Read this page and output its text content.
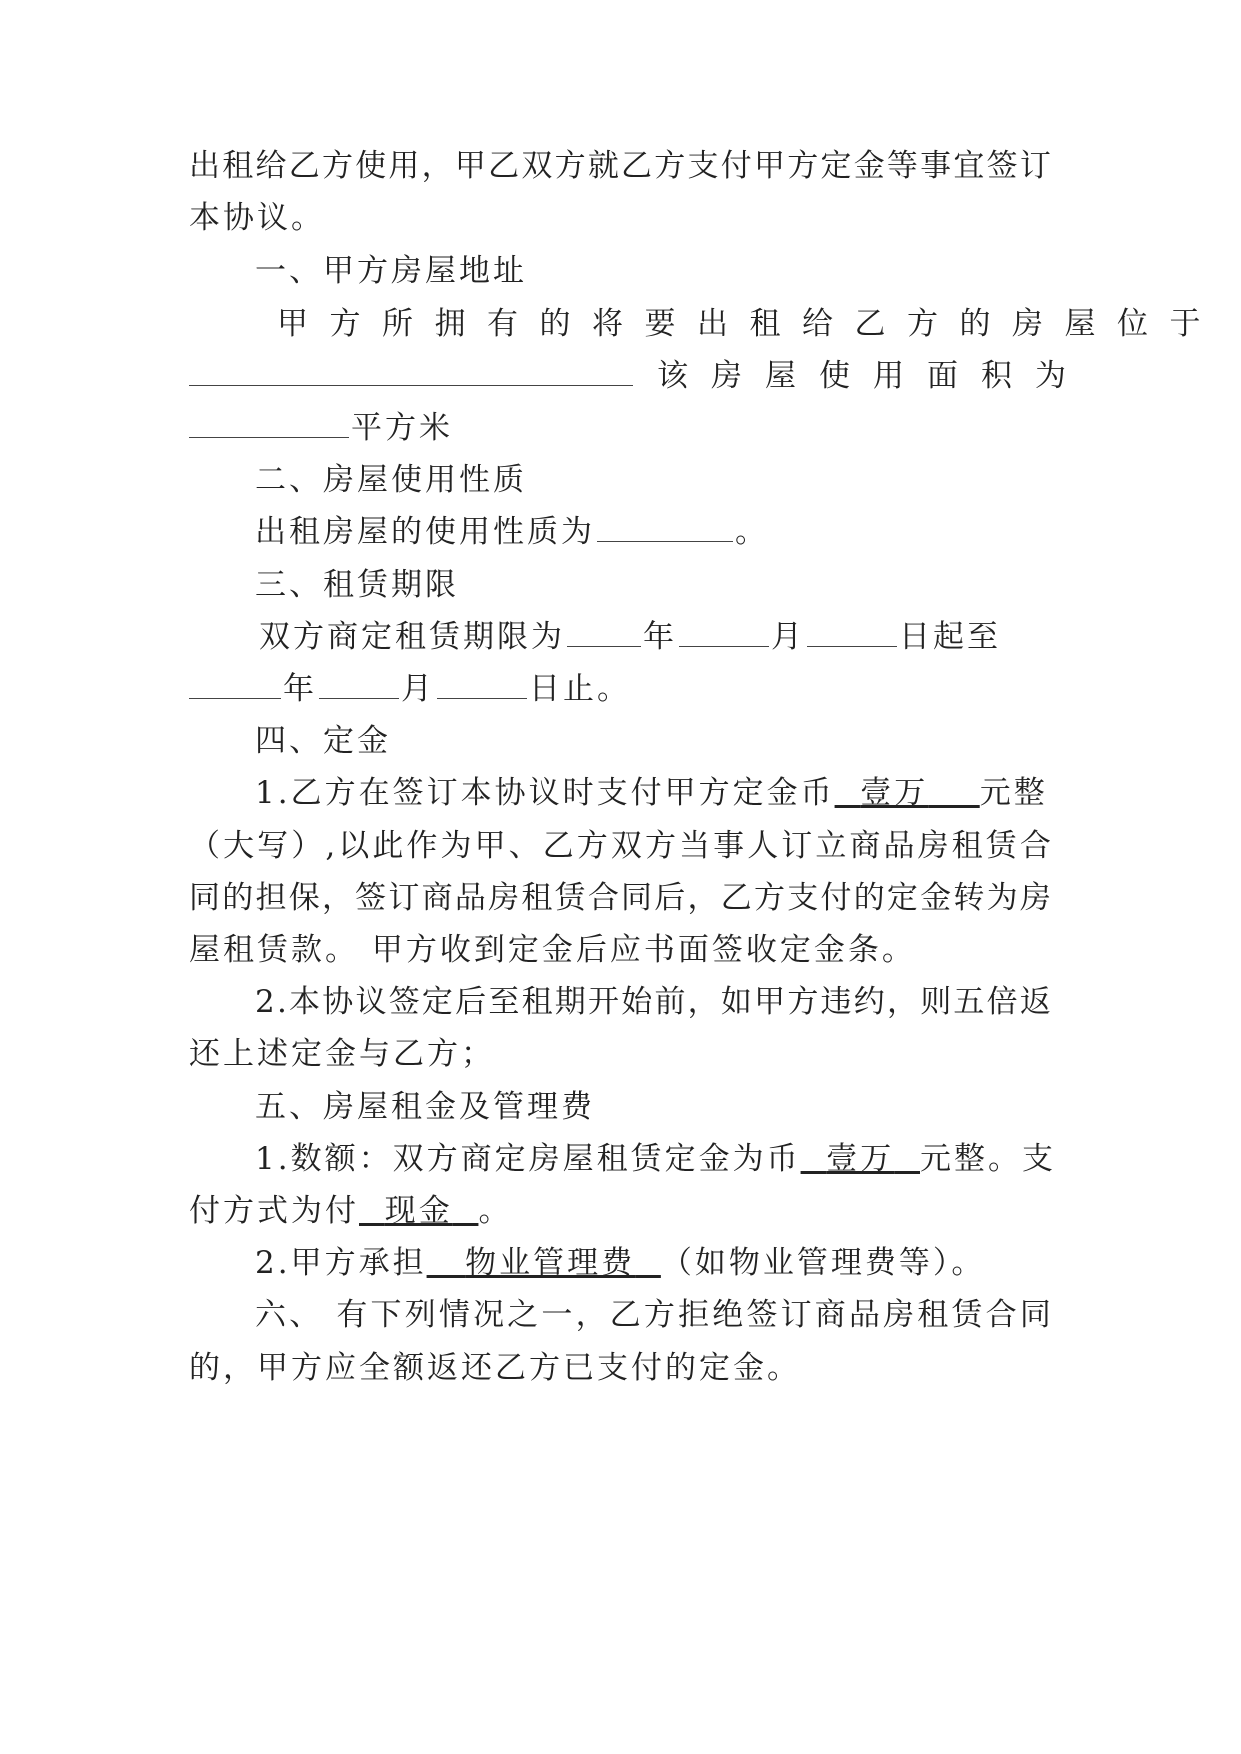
出 租 给 乙 方 使 用 ， 甲 乙 双 方 就 乙 方 支 付 甲 方 定 金 等 事 宜 签 订
本协议。
一、甲方房屋地址
甲方所拥有的将要出租给乙方的房屋位于
该房屋使用面积为
平方米
二、房屋使用性质
出租房屋的使用性质为	。
三、租赁期限
双方商定租赁期限为	年	月	日起至
年	月	日止。
四、定金
1.乙方在签订本协议时支付甲方定金币 壹万 元整
（ 大 写 ） , 以 此 作 为 甲 、 乙 方 双 方 当 事 人 订 立 商 品 房 租 赁 合
同 的 担 保 ， 签 订 商 品 房 租 赁 合 同 后 ， 乙 方 支 付 的 定 金 转 为 房
屋租赁款。 甲方收到定金后应书面签收定金条。
2 . 本 协 议 签 定 后 至 租 期 开 始 前 ， 如 甲 方 违 约 ， 则 五 倍 返
还上述定金与乙方；
五、房屋租金及管理费
1.数额：双方商定房屋租赁定金为币 壹万 元整。支
付方式为付 现金 。
2.甲方承担 物业管理费 （如物业管理费等）。
六 、
有 下 列 情 况 之 一 ， 乙 方 拒 绝 签 订 商 品 房 租 赁 合 同
的，甲方应全额返还乙方已支付的定金。
